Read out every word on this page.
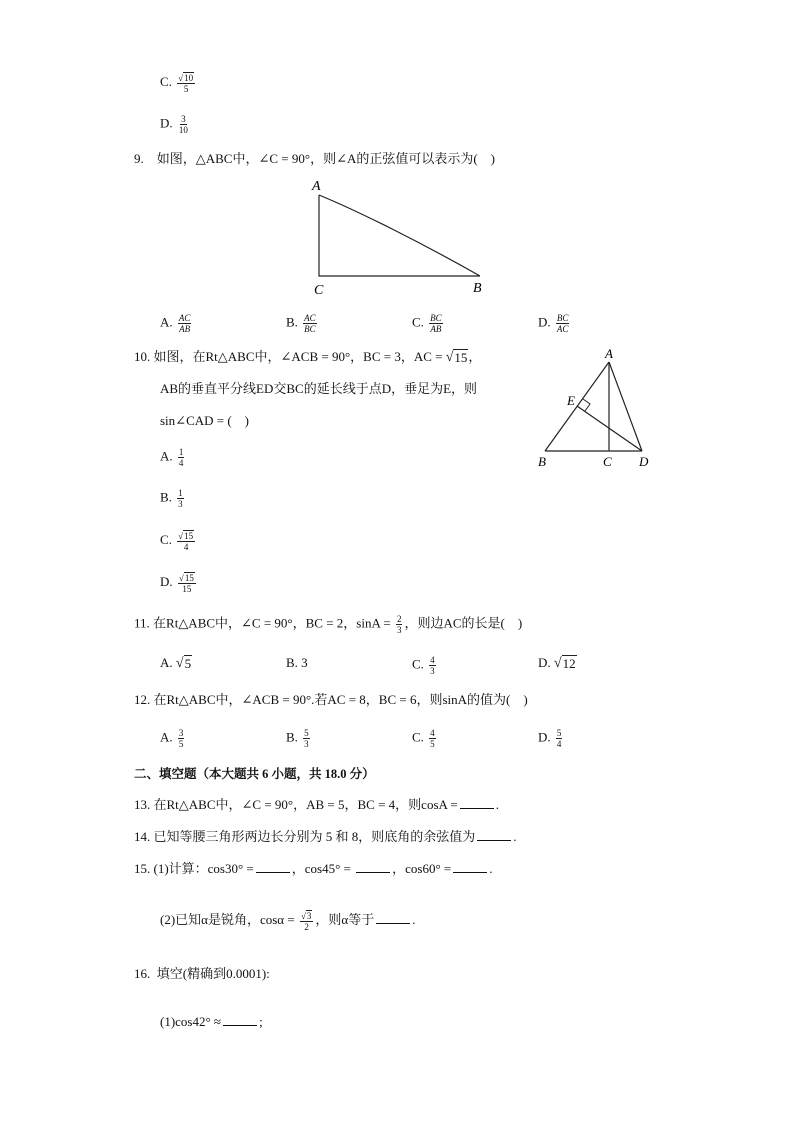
C. $\frac{√ 10}{5}$
D. $\frac{3}{10}$
9. 如图，△ABC中，∠C = 90°，则∠A的正弦值可以表示为(　)
A
C	B
A. $\frac{AC}{AB}$	B. $\frac{AC}{BC}$	C. $\frac{BC}{AB}$	D. $\frac{BC}{AC}$
10. 如图，在Rt△ABC中，∠ACB = 90°，BC = 3，AC = √ 15 ，
AB的垂直平分线ED交BC的延长线于点D，垂足为E，则
sin∠CAD = (　)
A
E
B	C D
A. $\frac{1}{4}$
B. $\frac{1}{3}$
C. $\frac{√ 15}{4}$
D. $\frac{√ 15}{15}$
11. 在Rt△ABC中，∠C = 90°，BC = 2，$\sin A = \frac{2}{3}$ ，则边AC的长是(　)
A. √ 5	B. 3	C. $\frac{4}{3}$	D. √ 12
12. 在Rt△ABC中，∠ACB = 90°.若AC = 8，BC = 6，则sinA的值为(　)
A. $\frac{3}{5}$	B. $\frac{5}{3}$	C. $\frac{4}{5}$	D. $\frac{5}{4}$
二、填空题（本大题共 6 小题，共 18.0 分）
13. 在Rt△ABC中，∠C = 90°，AB = 5，BC = 4，则cosA =	.
14. 已知等腰三角形两边长分别为 5 和 8，则底角的余弦值为	.
15. (1)计算：cos30° =	，cos45° =	，cos60° =	.
(2)已知α是锐角，$\cos\alpha = \frac{√ 3}{2}$ ，则α等于	.
16. 填空(精确到0.0001):
(1)cos42° ≈	;
